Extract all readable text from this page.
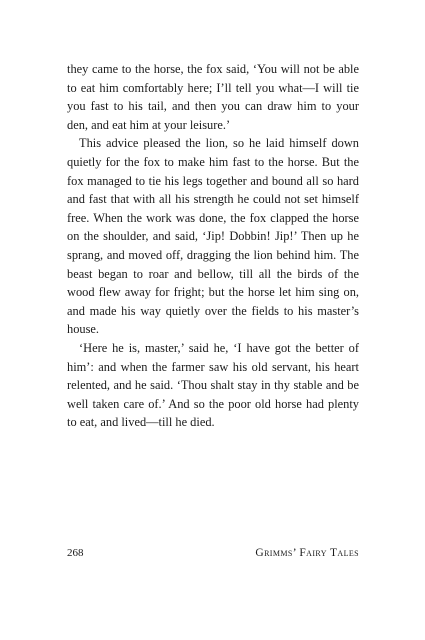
they came to the horse, the fox said, ‘You will not be able to eat him comfortably here; I’ll tell you what—I will tie you fast to his tail, and then you can draw him to your den, and eat him at your leisure.’

This advice pleased the lion, so he laid himself down quietly for the fox to make him fast to the horse. But the fox managed to tie his legs together and bound all so hard and fast that with all his strength he could not set himself free. When the work was done, the fox clapped the horse on the shoulder, and said, ‘Jip! Dobbin! Jip!’ Then up he sprang, and moved off, dragging the lion behind him. The beast began to roar and bellow, till all the birds of the wood flew away for fright; but the horse let him sing on, and made his way quietly over the fields to his master’s house.

‘Here he is, master,’ said he, ‘I have got the better of him’: and when the farmer saw his old servant, his heart relented, and he said. ‘Thou shalt stay in thy stable and be well taken care of.’ And so the poor old horse had plenty to eat, and lived—till he died.

268	Grimms’ Fairy Tales
